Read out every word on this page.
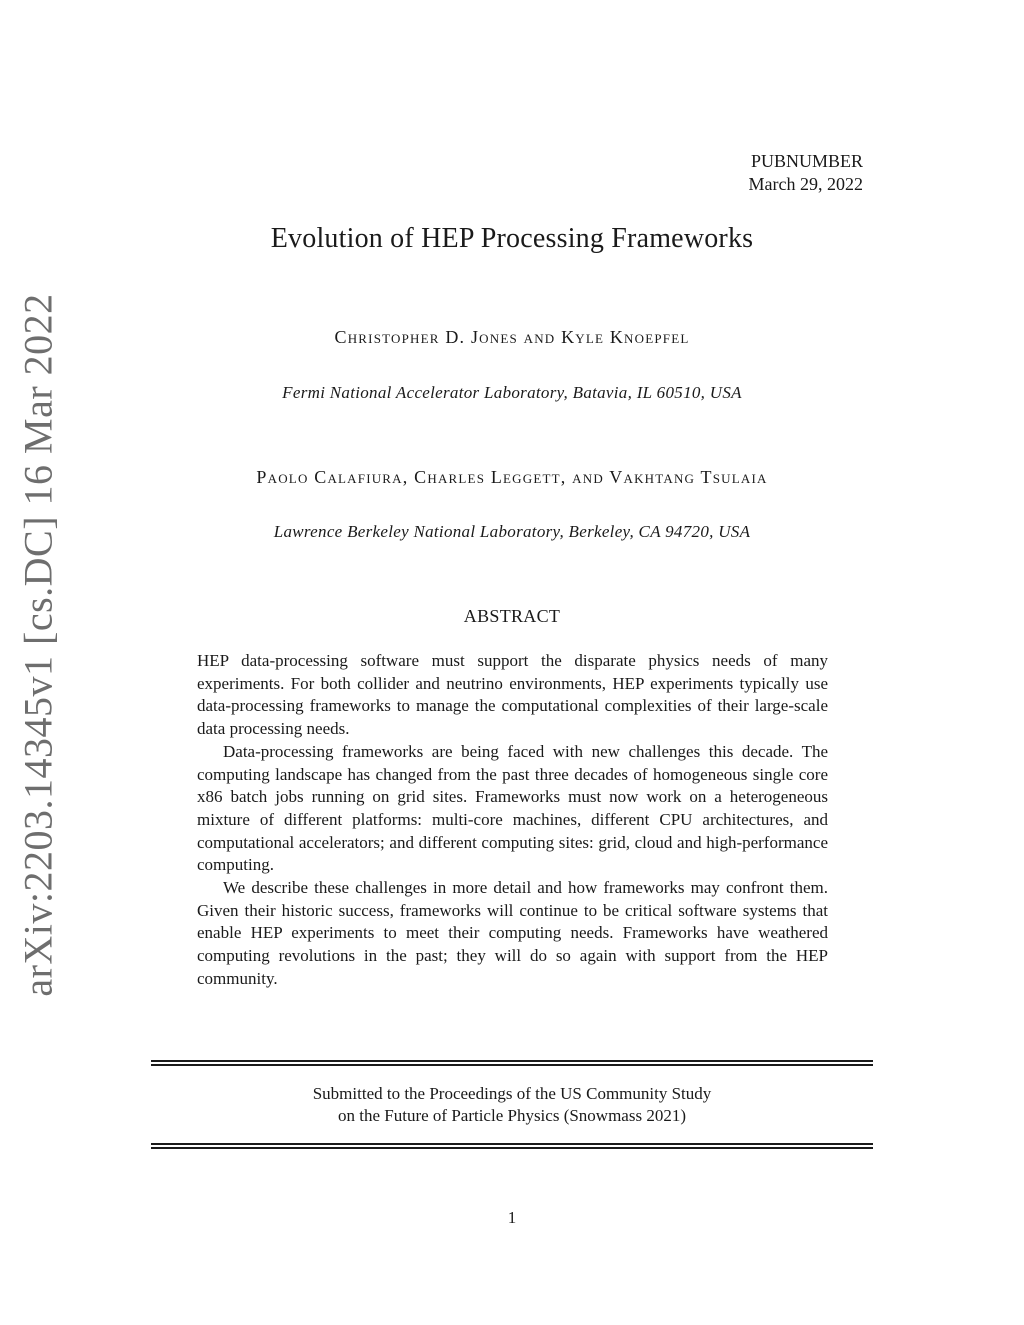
arXiv:2203.14345v1 [cs.DC] 16 Mar 2022
PUBNUMBER
March 29, 2022
Evolution of HEP Processing Frameworks
Christopher D. Jones and Kyle Knoepfel
Fermi National Accelerator Laboratory, Batavia, IL 60510, USA
Paolo Calafiura, Charles Leggett, and Vakhtang Tsulaia
Lawrence Berkeley National Laboratory, Berkeley, CA 94720, USA
ABSTRACT

HEP data-processing software must support the disparate physics needs of many experiments. For both collider and neutrino environments, HEP experiments typically use data-processing frameworks to manage the computational complexities of their large-scale data processing needs.

Data-processing frameworks are being faced with new challenges this decade. The computing landscape has changed from the past three decades of homogeneous single core x86 batch jobs running on grid sites. Frameworks must now work on a heterogeneous mixture of different platforms: multi-core machines, different CPU architectures, and computational accelerators; and different computing sites: grid, cloud and high-performance computing.

We describe these challenges in more detail and how frameworks may confront them. Given their historic success, frameworks will continue to be critical software systems that enable HEP experiments to meet their computing needs. Frameworks have weathered computing revolutions in the past; they will do so again with support from the HEP community.

Submitted to the Proceedings of the US Community Study
on the Future of Particle Physics (Snowmass 2021)
1
